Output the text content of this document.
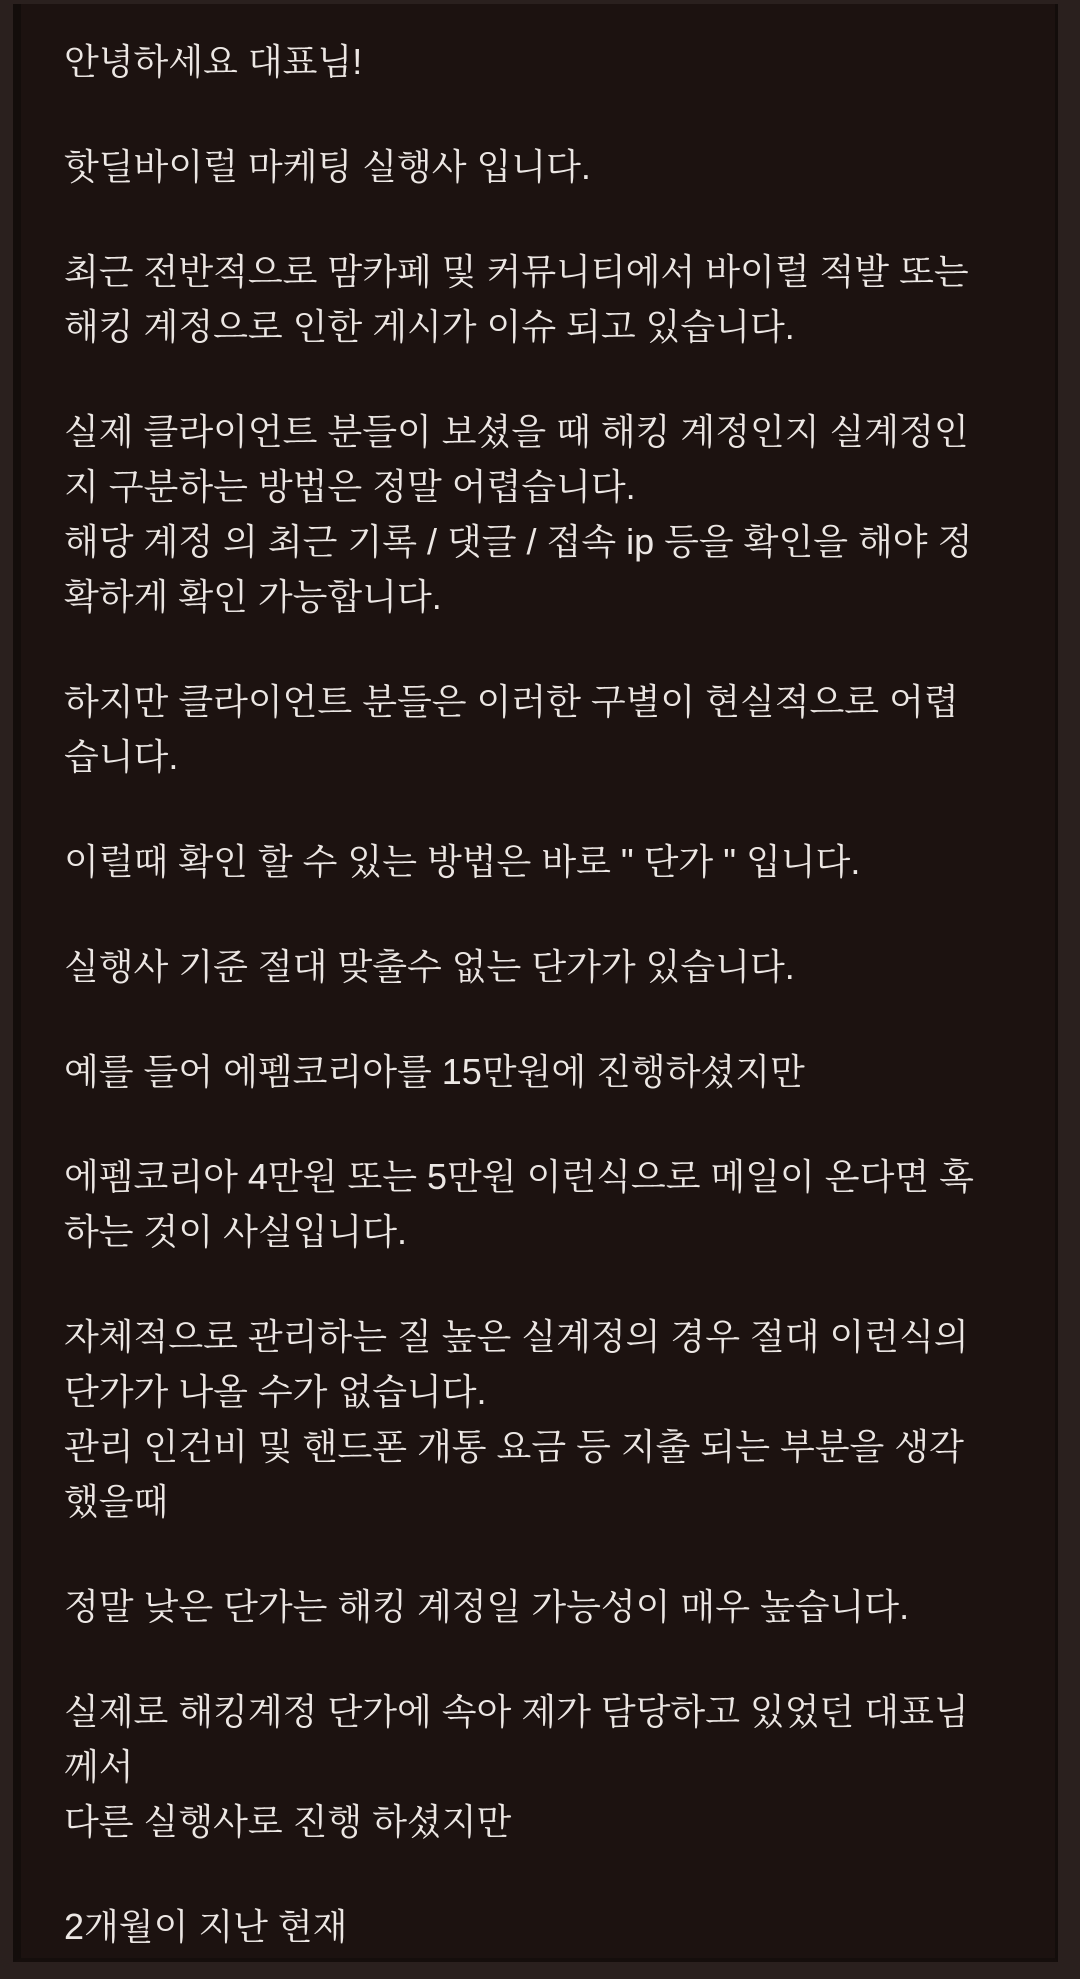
안녕하세요 대표님!
핫딜바이럴 마케팅 실행사 입니다.
최근 전반적으로 맘카페 및 커뮤니티에서 바이럴 적발 또는
해킹 계정으로 인한 게시가 이슈 되고 있습니다.
실제 클라이언트 분들이 보셨을 때 해킹 계정인지 실계정인
지 구분하는 방법은 정말 어렵습니다.
해당 계정 의 최근 기록 / 댓글 / 접속 ip 등을 확인을 해야 정
확하게 확인 가능합니다.
하지만 클라이언트 분들은 이러한 구별이 현실적으로 어렵
습니다.
이럴때 확인 할 수 있는 방법은 바로 " 단가 " 입니다.
실행사 기준 절대 맞출수 없는 단가가 있습니다.
예를 들어 에펨코리아를 15만원에 진행하셨지만
에펨코리아 4만원 또는 5만원 이런식으로 메일이 온다면 혹
하는 것이 사실입니다.
자체적으로 관리하는 질 높은 실계정의 경우 절대 이런식의
단가가 나올 수가 없습니다.
관리 인건비 및 핸드폰 개통 요금 등 지출 되는 부분을 생각
했을때
정말 낮은 단가는 해킹 계정일 가능성이 매우 높습니다.
실제로 해킹계정 단가에 속아 제가 담당하고 있었던 대표님
께서
다른 실행사로 진행 하셨지만
2개월이 지난 현재
